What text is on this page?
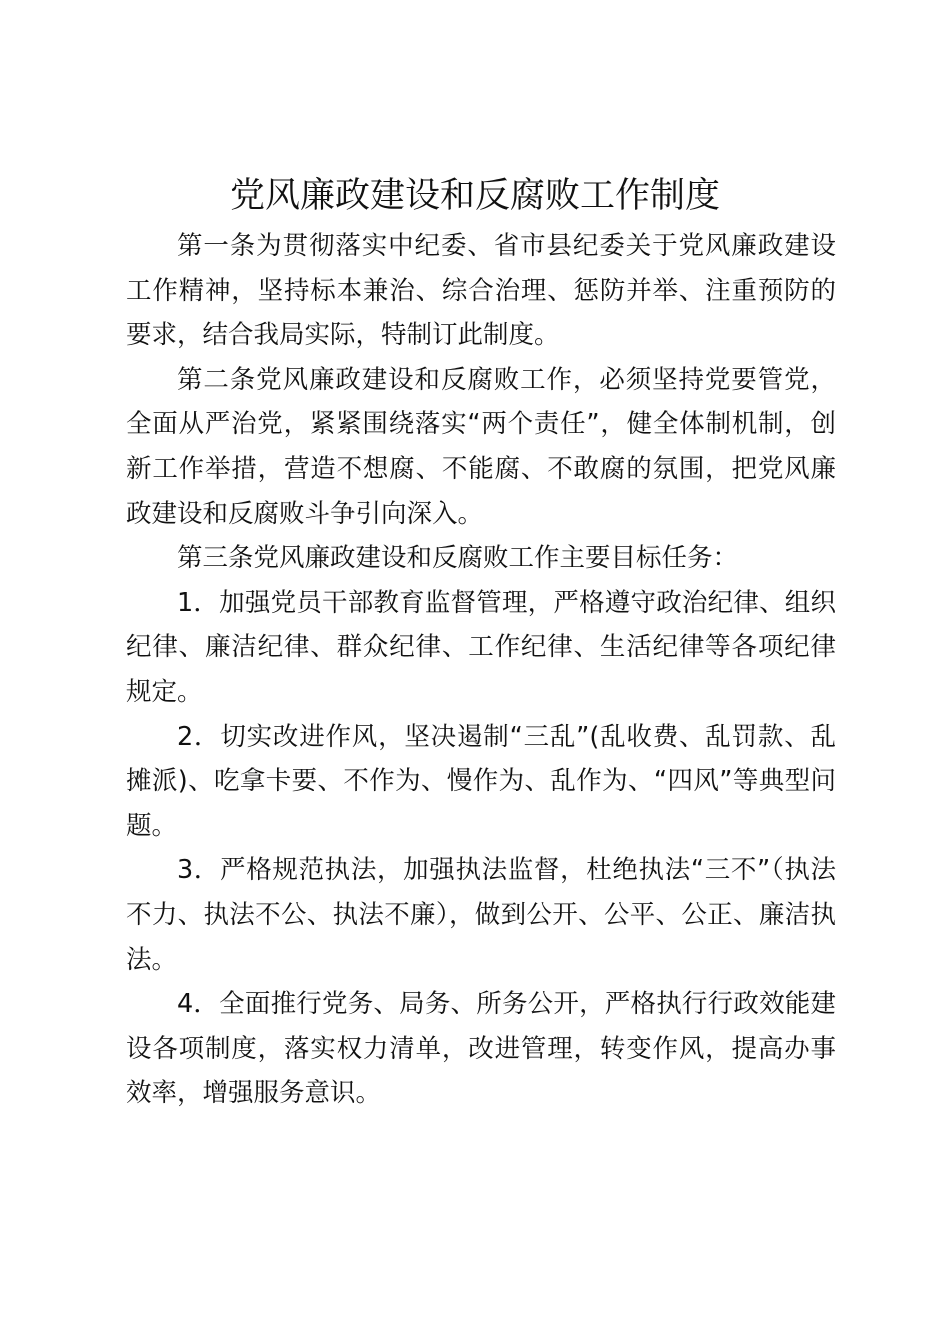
党风廉政建设和反腐败工作制度

第一条为贯彻落实中纪委、省市县纪委关于党风廉政建设工作精神，坚持标本兼治、综合治理、惩防并举、注重预防的要求，结合我局实际，特制订此制度。

第二条党风廉政建设和反腐败工作，必须坚持党要管党，全面从严治党，紧紧围绕落实“两个责任”，健全体制机制，创新工作举措，营造不想腐、不能腐、不敢腐的氛围，把党风廉政建设和反腐败斗争引向深入。

第三条党风廉政建设和反腐败工作主要目标任务：

1．加强党员干部教育监督管理，严格遵守政治纪律、组织纪律、廉洁纪律、群众纪律、工作纪律、生活纪律等各项纪律规定。

2．切实改进作风，坚决遏制“三乱”(乱收费、乱罚款、乱摊派)、吃拿卡要、不作为、慢作为、乱作为、“四风”等典型问题。

3．严格规范执法，加强执法监督，杜绝执法“三不”（执法不力、执法不公、执法不廉），做到公开、公平、公正、廉洁执法。

4．全面推行党务、局务、所务公开，严格执行行政效能建设各项制度，落实权力清单，改进管理，转变作风，提高办事效率，增强服务意识。
